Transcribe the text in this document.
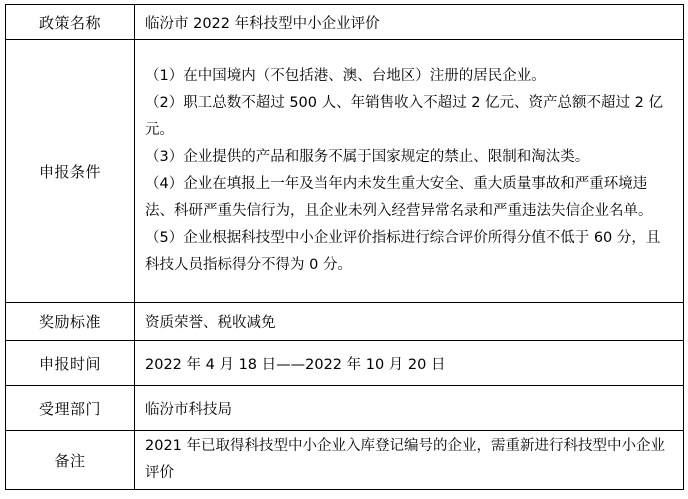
政策名称	临汾市 2022 年科技型中小企业评价
申报条件	（1）在中国境内（不包括港、澳、台地区）注册的居民企业。
（2）职工总数不超过 500 人、年销售收入不超过 2 亿元、资产总额不超过 2 亿元。
（3）企业提供的产品和服务不属于国家规定的禁止、限制和淘汰类。
（4）企业在填报上一年及当年内未发生重大安全、重大质量事故和严重环境违法、科研严重失信行为，且企业未列入经营异常名录和严重违法失信企业名单。
（5）企业根据科技型中小企业评价指标进行综合评价所得分值不低于 60 分，且科技人员指标得分不得为 0 分。

奖励标准	资质荣誉、税收减免
申报时间	2022 年 4 月 18 日——2022 年 10 月 20 日
受理部门	临汾市科技局
备注	2021 年已取得科技型中小企业入库登记编号的企业，需重新进行科技型中小企业评价
